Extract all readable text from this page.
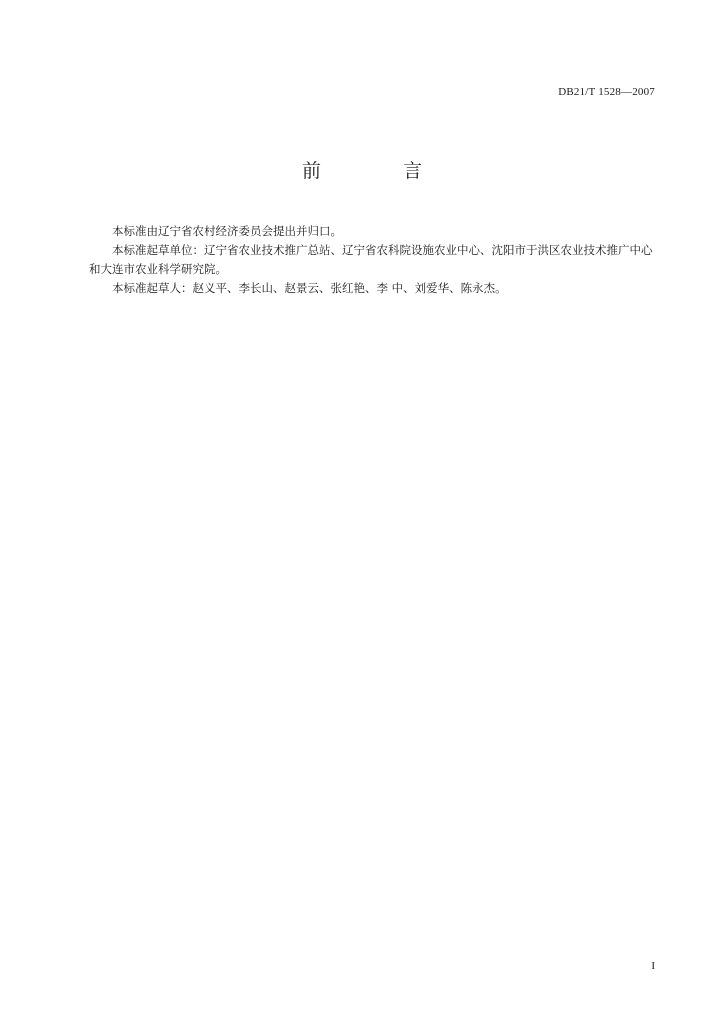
DB21/T 1528—2007
前 言

本标准由辽宁省农村经济委员会提出并归口。

本标准起草单位：辽宁省农业技术推广总站、辽宁省农科院设施农业中心、沈阳市于洪区农业技术推广中心和大连市农业科学研究院。

本标准起草人：赵义平、李长山、赵景云、张红艳、李 中、刘爱华、陈永杰。

I
